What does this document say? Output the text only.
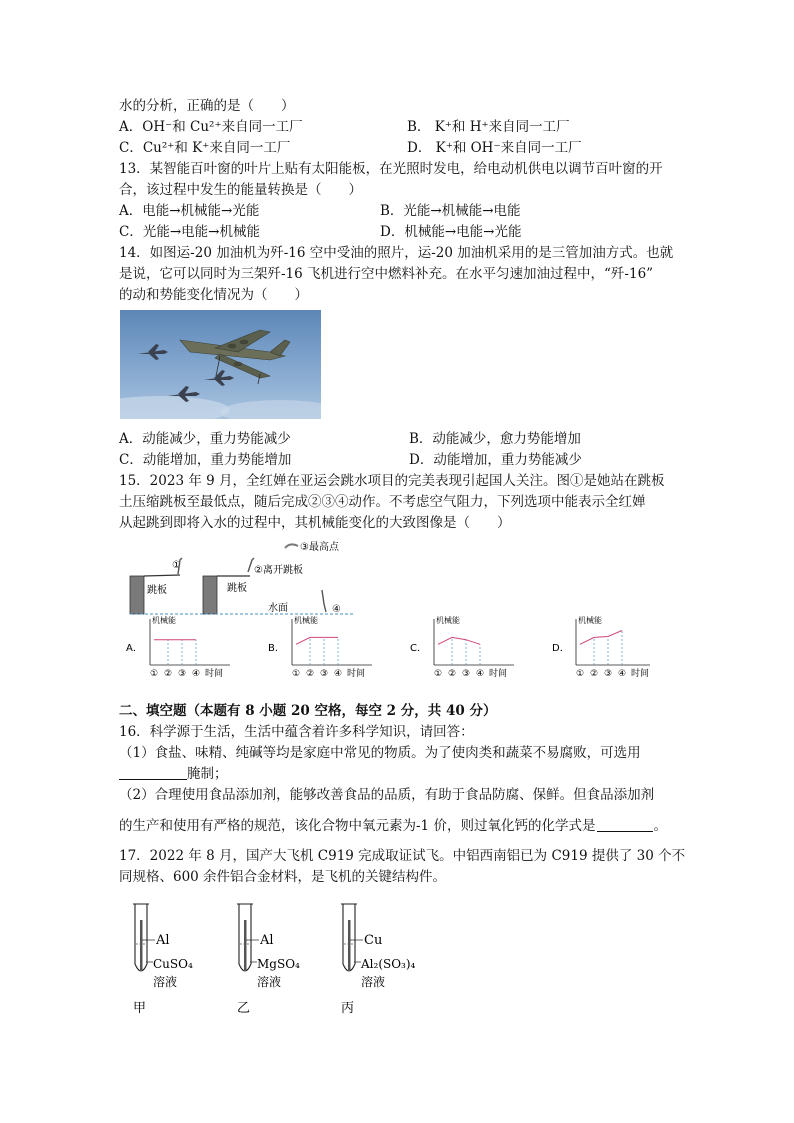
水的分析，正确的是（　　）
A．OH⁻和 Cu²⁺来自同一工厂	B． K⁺和 H⁺来自同一工厂
C．Cu²⁺和 K⁺来自同一工厂	D． K⁺和 OH⁻来自同一工厂
13．某智能百叶窗的叶片上贴有太阳能板，在光照时发电，给电动机供电以调节百叶窗的开
合，该过程中发生的能量转换是（　　）
A．电能→机械能→光能	B．光能→机械能→电能
C．光能→电能→机械能	D．机械能→电能→光能
14．如图运-20 加油机为歼-16 空中受油的照片，运-20 加油机采用的是三管加油方式。也就
是说，它可以同时为三架歼-16 飞机进行空中燃料补充。在水平匀速加油过程中，“歼-16”
的动和势能变化情况为（　　）
A．动能减少，重力势能减少	B．动能减少，愈力势能增加
C．动能增加，重力势能增加	D．动能增加，重力势能减少
15．2023 年 9 月，全红婵在亚运会跳水项目的完美表现引起国人关注。图①是她站在跳板
土压缩跳板至最低点，随后完成②③④动作。不考虑空气阻力，下列选项中能表示全红婵
从起跳到即将入水的过程中，其机械能变化的大致图像是（　　）
跳板
①
跳板
②离开跳板
③最高点
水面	④
A．
机械能
① ② ③ ④ 时间
B．
机械能
① ② ③ ④ 时间
C．
机械能
① ② ③ ④ 时间
D．
机械能
① ② ③ ④ 时间
二、填空题（本题有 8 小题 20 空格，每空 2 分，共 40 分）
16．科学源于生活，生活中蕴含着许多科学知识，请回答：
（1）食盐、味精、纯碱等均是家庭中常见的物质。为了使肉类和蔬菜不易腐败，可选用
腌制；
（2）合理使用食品添加剂，能够改善食品的品质，有助于食品防腐、保鲜。但食品添加剂
的生产和使用有严格的规范，该化合物中氧元素为-1 价，则过氧化钙的化学式是	。
17．2022 年 8 月，国产大飞机 C919 完成取证试飞。中铝西南铝已为 C919 提供了 30 个不
同规格、600 余件铝合金材料，是飞机的关键结构件。
Al
CuSO₄
溶液
甲
Al
MgSO₄
溶液
乙
Cu
Al₂(SO₃)₄
溶液
丙
